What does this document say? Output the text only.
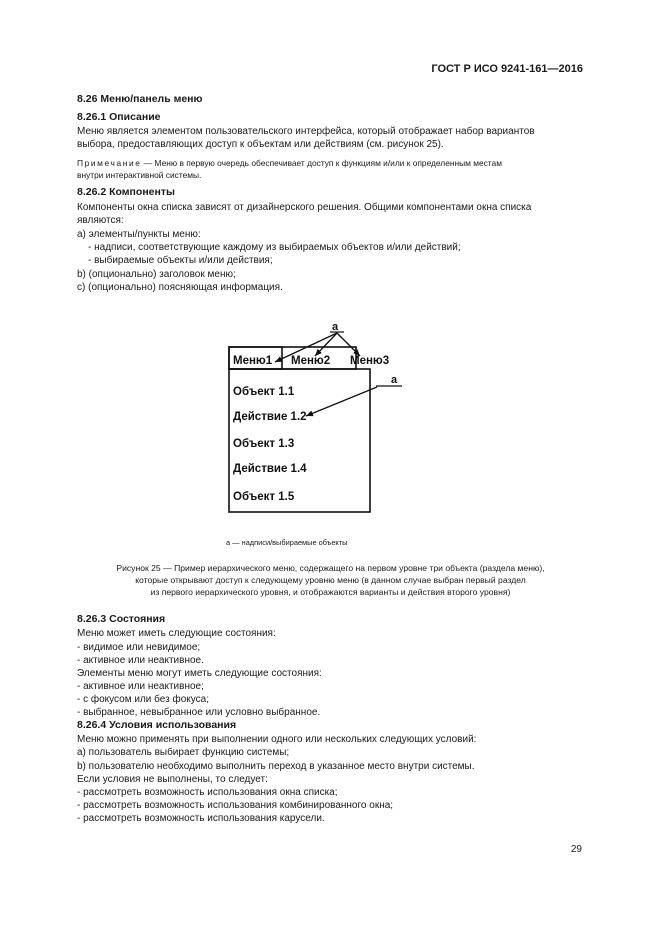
ГОСТ Р ИСО 9241-161—2016
8.26 Меню/панель меню
8.26.1 Описание
Меню является элементом пользовательского интерфейса, который отображает набор вариантов
выбора, предоставляющих доступ к объектам или действиям (см. рисунок 25).
Примечание — Меню в первую очередь обеспечивает доступ к функциям и/или к определенным местам
внутри интерактивной системы.
8.26.2 Компоненты
Компоненты окна списка зависят от дизайнерского решения. Общими компонентами окна списка
являются:
а) элементы/пункты меню:
- надписи, соответствующие каждому из выбираемых объектов и/или действий;
- выбираемые объекты и/или действия;
b) (опционально) заголовок меню;
с) (опционально) поясняющая информация.
Меню1 Меню2 Меню3
Объект 1.1
Действие 1.2
Объект 1.3
Действие 1.4
Объект 1.5
a
a
а — надписи/выбираемые объекты
Рисунок 25 — Пример иерархического меню, содержащего на первом уровне три объекта (раздела меню),
которые открывают доступ к следующему уровню меню (в данном случае выбран первый раздел
из первого иерархического уровня, и отображаются варианты и действия второго уровня)
8.26.3 Состояния
Меню может иметь следующие состояния:
- видимое или невидимое;
- активное или неактивное.
Элементы меню могут иметь следующие состояния:
- активное или неактивное;
- с фокусом или без фокуса;
- выбранное, невыбранное или условно выбранное.
8.26.4 Условия использования
Меню можно применять при выполнении одного или нескольких следующих условий:
а) пользователь выбирает функцию системы;
b) пользователю необходимо выполнить переход в указанное место внутри системы.
Если условия не выполнены, то следует:
- рассмотреть возможность использования окна списка;
- рассмотреть возможность использования комбинированного окна;
- рассмотреть возможность использования карусели.
29
